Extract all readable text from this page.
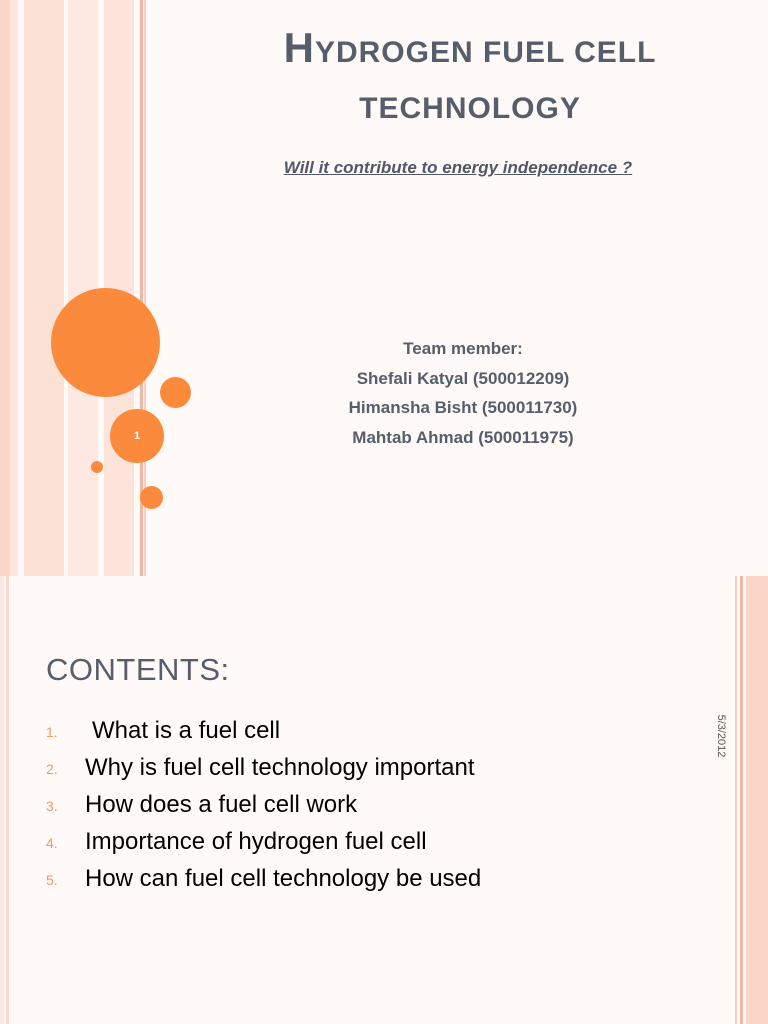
1
HYDROGEN FUEL CELL
TECHNOLOGY
Will it contribute to energy independence ?
Team member:
Shefali Katyal (500012209)
Himansha Bisht (500011730)
Mahtab Ahmad (500011975)
CONTENTS:
5/3/2012
1. What is a fuel cell
2. Why is fuel cell technology important
3. How does a fuel cell work
4. Importance of hydrogen fuel cell
5. How can fuel cell technology be used
